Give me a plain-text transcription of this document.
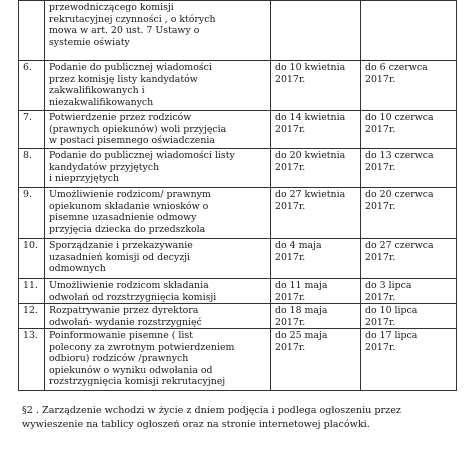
	przewodniczącego komisji
rekrutacyjnej czynności , o których
mowa w art. 20 ust. 7 Ustawy o
systemie oświaty		
6.	Podanie do publicznej wiadomości
przez komisję listy kandydatów
zakwalifikowanych i
niezakwalifikowanych	do 10 kwietnia
2017r.	do 6 czerwca
2017r.
7.	Potwierdzenie przez rodziców
(prawnych opiekunów) woli przyjęcia
w postaci pisemnego oświadczenia	do 14 kwietnia
2017r.	do 10 czerwca
2017r.
8.	Podanie do publicznej wiadomości listy
kandydatów przyjętych
i nieprzyjętych	do 20 kwietnia
2017r.	do 13 czerwca
2017r.
9.	Umożliwienie rodzicom/ prawnym
opiekunom składanie wniosków o
pisemne uzasadnienie odmowy
przyjęcia dziecka do przedszkola	do 27 kwietnia
2017r.	do 20 czerwca
2017r.
10.	Sporządzanie i przekazywanie
uzasadnień komisji od decyzji
odmownych	do 4 maja
2017r.	do 27 czerwca
2017r.
11.	Umożliwienie rodzicom składania
odwołań od rozstrzygnięcia komisji	do 11 maja
2017r.	do 3 lipca
2017r.
12.	Rozpatrywanie przez dyrektora
odwołań- wydanie rozstrzygnięć	do 18 maja
2017r.	do 10 lipca
2017r.
13.	Poinformowanie pisemne ( list
polecony za zwrotnym potwierdzeniem
odbioru) rodziców /prawnych
opiekunów o wyniku odwołania od
rozstrzygnięcia komisji rekrutacyjnej	do 25 maja
2017r.	do 17 lipca
2017r.
§2 . Zarządzenie wchodzi w życie z dniem podjęcia i podlega ogłoszeniu przez
wywieszenie na tablicy ogłoszeń oraz na stronie internetowej placówki.
